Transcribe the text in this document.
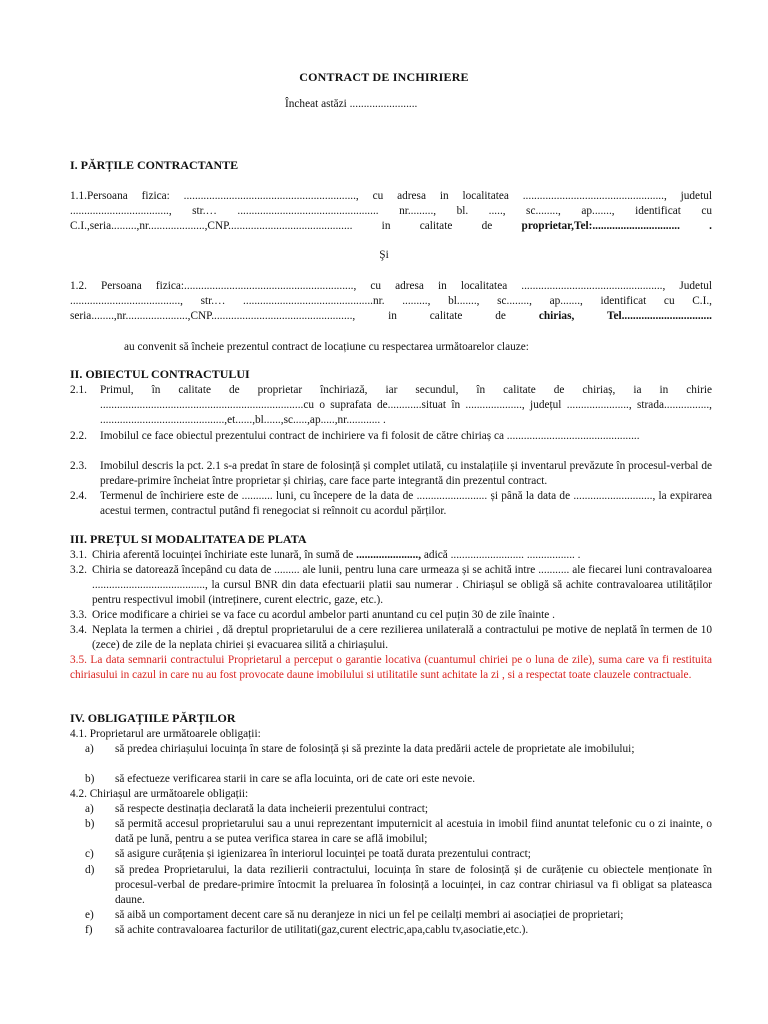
CONTRACT DE INCHIRIERE
Încheat astăzi ........................
I. PĂRȚILE CONTRACTANTE
1.1.Persoana fizica: ............................................................., cu adresa in localitatea .................................................., judetul ..................................., str.… .................................................. nr........., bl. ....., sc........, ap......., identificat cu C.I.,seria.........,nr....................,CNP............................................ in calitate de proprietar,Tel:............................... .
Şi
1.2. Persoana fizica:............................................................, cu adresa in localitatea .................................................., Judetul ......................................., str.… ..............................................nr. ........., bl......., sc........, ap......., identificat cu C.I., seria........,nr......................,CNP.................................................., in calitate de chirias, Tel................................
au convenit să încheie prezentul contract de locațiune cu respectarea următoarelor clauze:
II. OBIECTUL CONTRACTULUI
2.1. Primul, în calitate de proprietar închiriază, iar secundul, în calitate de chiriaș, ia in chirie ........................................................................cu o suprafata de............situat în ...................., județul ......................, strada................, ............................................,et......,bl......,sc.....,ap.....,nr............ .
2.2. Imobilul ce face obiectul prezentului contract de inchiriere va fi folosit de către chiriaș ca ...............................................
2.3. Imobilul descris la pct. 2.1 s-a predat în stare de folosință și complet utilată, cu instalațiile și inventarul prevăzute în procesul-verbal de predare-primire încheiat între proprietar și chiriaș, care face parte integrantă din prezentul contract.
2.4. Termenul de închiriere este de ........... luni, cu începere de la data de ......................... și până la data de ............................, la expirarea acestui termen, contractul putând fi renegociat si reînnoit cu acordul părților.
III. PREȚUL SI MODALITATEA DE PLATA
3.1. Chiria aferentă locuinței închiriate este lunară, în sumă de ......................, adică .......................... ................. .
3.2. Chiria se datorează începând cu data de ......... ale lunii, pentru luna care urmeaza și se achită intre ........... ale fiecarei luni contravaloarea ........................................, la cursul BNR din data efectuarii platii sau numerar . Chiriașul se obligă să achite contravaloarea utilităților pentru respectivul imobil (intreținere, curent electric, gaze, etc.).
3.3. Orice modificare a chiriei se va face cu acordul ambelor parti anuntand cu cel puțin 30 de zile înainte .
3.4. Neplata la termen a chiriei , dă dreptul proprietarului de a cere rezilierea unilaterală a contractului pe motive de neplată în termen de 10 (zece) de zile de la neplata chiriei și evacuarea silită a chiriașului.
3.5. La data semnarii contractului Proprietarul a perceput o garantie locativa (cuantumul chiriei pe o luna de zile), suma care va fi restituita chiriasului in cazul in care nu au fost provocate daune imobilului si utilitatile sunt achitate la zi , si a respectat toate clauzele contractuale.
IV. OBLIGAȚIILE PĂRȚILOR
4.1. Proprietarul are următoarele obligații:
a) să predea chiriașului locuința în stare de folosință și să prezinte la data predării actele de proprietate ale imobilului;
b) să efectueze verificarea starii in care se afla locuinta, ori de cate ori este nevoie.
4.2. Chiriașul are următoarele obligații:
a) să respecte destinația declarată la data incheierii prezentului contract;
b) să permită accesul proprietarului sau a unui reprezentant imputernicit al acestuia in imobil fiind anuntat telefonic cu o zi inainte, o dată pe lună, pentru a se putea verifica starea in care se află imobilul;
c) să asigure curățenia și igienizarea în interiorul locuinței pe toată durata prezentului contract;
d) să predea Proprietarului, la data rezilierii contractului, locuința în stare de folosință și de curățenie cu obiectele menționate în procesul-verbal de predare-primire întocmit la preluarea în folosință a locuinței, in caz contrar chiriasul va fi obligat sa plateasca daune.
e) să aibă un comportament decent care să nu deranjeze in nici un fel pe ceilalți membri ai asociației de proprietari;
f) să achite contravaloarea facturilor de utilitati(gaz,curent electric,apa,cablu tv,asociatie,etc.).
